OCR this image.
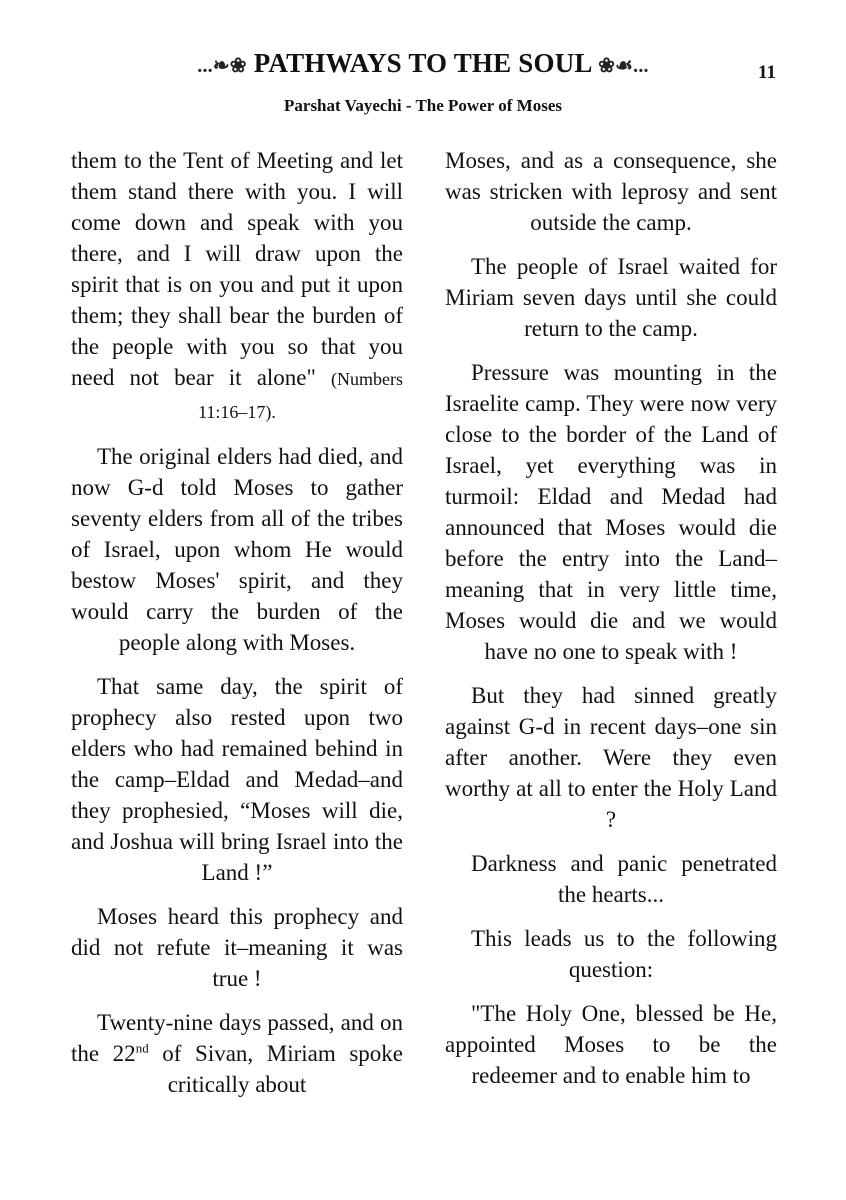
...❧❀ PATHWAYS TO THE SOUL ❀☙...	11
Parshat Vayechi - The Power of Moses

them to the Tent of Meeting and let them stand there with you. I will come down and speak with you there, and I will draw upon the spirit that is on you and put it upon them; they shall bear the burden of the people with you so that you need not bear it alone" (Numbers 11:16–17).

The original elders had died, and now G-d told Moses to gather seventy elders from all of the tribes of Israel, upon whom He would bestow Moses' spirit, and they would carry the burden of the people along with Moses.

That same day, the spirit of prophecy also rested upon two elders who had remained behind in the camp–Eldad and Medad–and they prophesied, “Moses will die, and Joshua will bring Israel into the Land !”

Moses heard this prophecy and did not refute it–meaning it was true !

Twenty-nine days passed, and on the 22nd of Sivan, Miriam spoke critically about

Moses, and as a consequence, she was stricken with leprosy and sent outside the camp.

The people of Israel waited for Miriam seven days until she could return to the camp.

Pressure was mounting in the Israelite camp. They were now very close to the border of the Land of Israel, yet everything was in turmoil: Eldad and Medad had announced that Moses would die before the entry into the Land–meaning that in very little time, Moses would die and we would have no one to speak with !

But they had sinned greatly against G-d in recent days–one sin after another. Were they even worthy at all to enter the Holy Land ?

Darkness and panic penetrated the hearts...

This leads us to the following question:

"The Holy One, blessed be He, appointed Moses to be the redeemer and to enable him to
